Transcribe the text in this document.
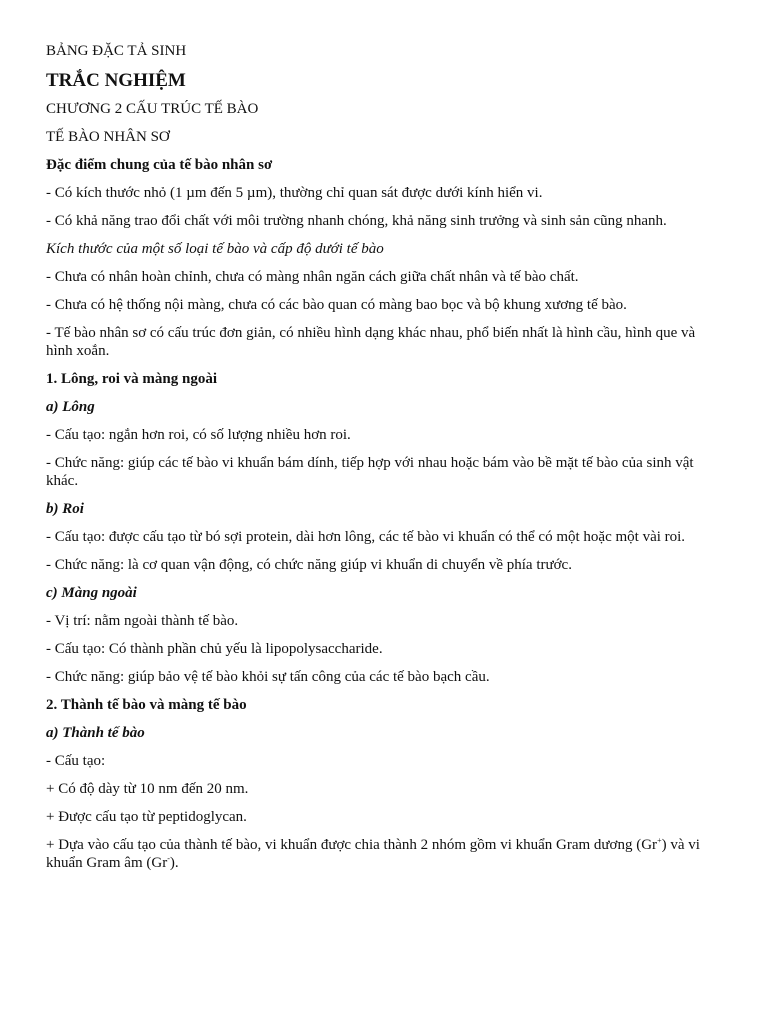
BẢNG ĐẶC TẢ SINH

TRẮC NGHIỆM

CHƯƠNG 2 CẤU TRÚC TẾ BÀO

TẾ BÀO NHÂN SƠ

Đặc điểm chung của tế bào nhân sơ

- Có kích thước nhỏ (1 µm đến 5 µm), thường chỉ quan sát được dưới kính hiển vi.

- Có khả năng trao đổi chất với môi trường nhanh chóng, khả năng sinh trưởng và sinh sản cũng nhanh.

Kích thước của một số loại tế bào và cấp độ dưới tế bào

- Chưa có nhân hoàn chỉnh, chưa có màng nhân ngăn cách giữa chất nhân và tế bào chất.

- Chưa có hệ thống nội màng, chưa có các bào quan có màng bao bọc và bộ khung xương tế bào.

- Tế bào nhân sơ có cấu trúc đơn giản, có nhiều hình dạng khác nhau, phổ biến nhất là hình cầu, hình que và hình xoắn.

1. Lông, roi và màng ngoài

a) Lông

- Cấu tạo: ngắn hơn roi, có số lượng nhiều hơn roi.

- Chức năng: giúp các tế bào vi khuẩn bám dính, tiếp hợp với nhau hoặc bám vào bề mặt tế bào của sinh vật khác.

b) Roi

- Cấu tạo: được cấu tạo từ bó sợi protein, dài hơn lông, các tế bào vi khuẩn có thể có một hoặc một vài roi.

- Chức năng: là cơ quan vận động, có chức năng giúp vi khuẩn di chuyển về phía trước.

c) Màng ngoài

- Vị trí: nằm ngoài thành tế bào.

- Cấu tạo: Có thành phần chủ yếu là lipopolysaccharide.

- Chức năng: giúp bảo vệ tế bào khỏi sự tấn công của các tế bào bạch cầu.

2. Thành tế bào và màng tế bào

a) Thành tế bào

- Cấu tạo:

+ Có độ dày từ 10 nm đến 20 nm.

+ Được cấu tạo từ peptidoglycan.

+ Dựa vào cấu tạo của thành tế bào, vi khuẩn được chia thành 2 nhóm gồm vi khuẩn Gram dương (Gr+) và vi khuẩn Gram âm (Gr-).
